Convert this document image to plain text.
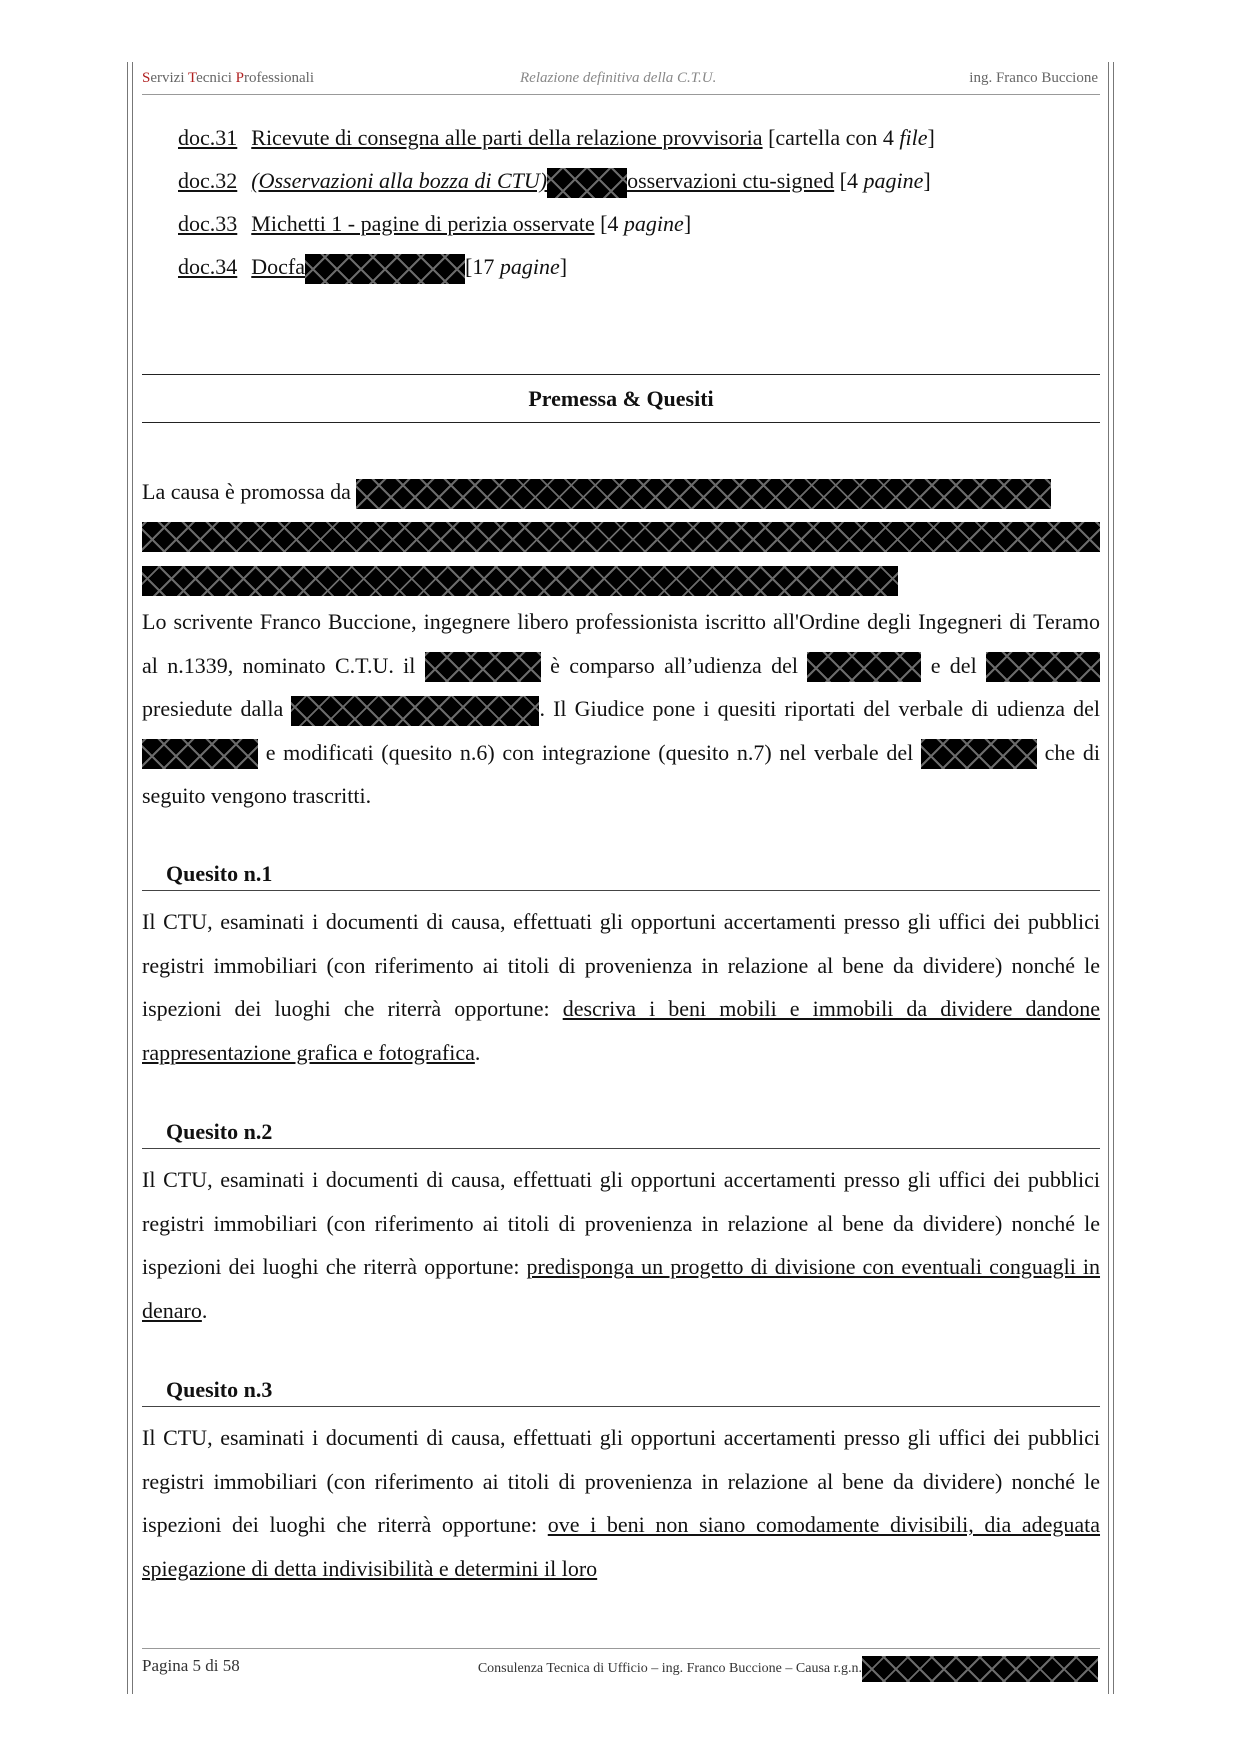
Servizi Tecnici Professionali	Relazione definitiva della C.T.U.	ing. Franco Buccione
doc.31 Ricevute di consegna alle parti della relazione provvisoria [cartella con 4 file]
doc.32 (Osservazioni alla bozza di CTU)	osservazioni ctu-signed [4 pagine]
doc.33 Michetti 1 - pagine di perizia osservate [4 pagine]
doc.34 Docfa	[17 pagine]
Premessa & Quesiti
La causa è promossa da

Lo scrivente Franco Buccione, ingegnere libero professionista iscritto all'Ordine degli Ingegneri di Teramo al n.1339, nominato C.T.U. il	è comparso all’udienza del	e del  presiedute dalla	. Il Giudice pone i quesiti riportati del verbale di udienza del  e modificati (quesito n.6) con integrazione (quesito n.7) nel verbale del	che di seguito vengono trascritti.

Quesito n.1

Il CTU, esaminati i documenti di causa, effettuati gli opportuni accertamenti presso gli uffici dei pubblici registri immobiliari (con riferimento ai titoli di provenienza in relazione al bene da dividere) nonché le ispezioni dei luoghi che riterrà opportune: descriva i beni mobili e immobili da dividere dandone rappresentazione grafica e fotografica.

Quesito n.2

Il CTU, esaminati i documenti di causa, effettuati gli opportuni accertamenti presso gli uffici dei pubblici registri immobiliari (con riferimento ai titoli di provenienza in relazione al bene da dividere) nonché le ispezioni dei luoghi che riterrà opportune: predisponga un progetto di divisione con eventuali conguagli in denaro.

Quesito n.3

Il CTU, esaminati i documenti di causa, effettuati gli opportuni accertamenti presso gli uffici dei pubblici registri immobiliari (con riferimento ai titoli di provenienza in relazione al bene da dividere) nonché le ispezioni dei luoghi che riterrà opportune: ove i beni non siano comodamente divisibili, dia adeguata spiegazione di detta indivisibilità e determini il loro

Pagina 5 di 58	Consulenza Tecnica di Ufficio – ing. Franco Buccione – Causa r.g.n.
